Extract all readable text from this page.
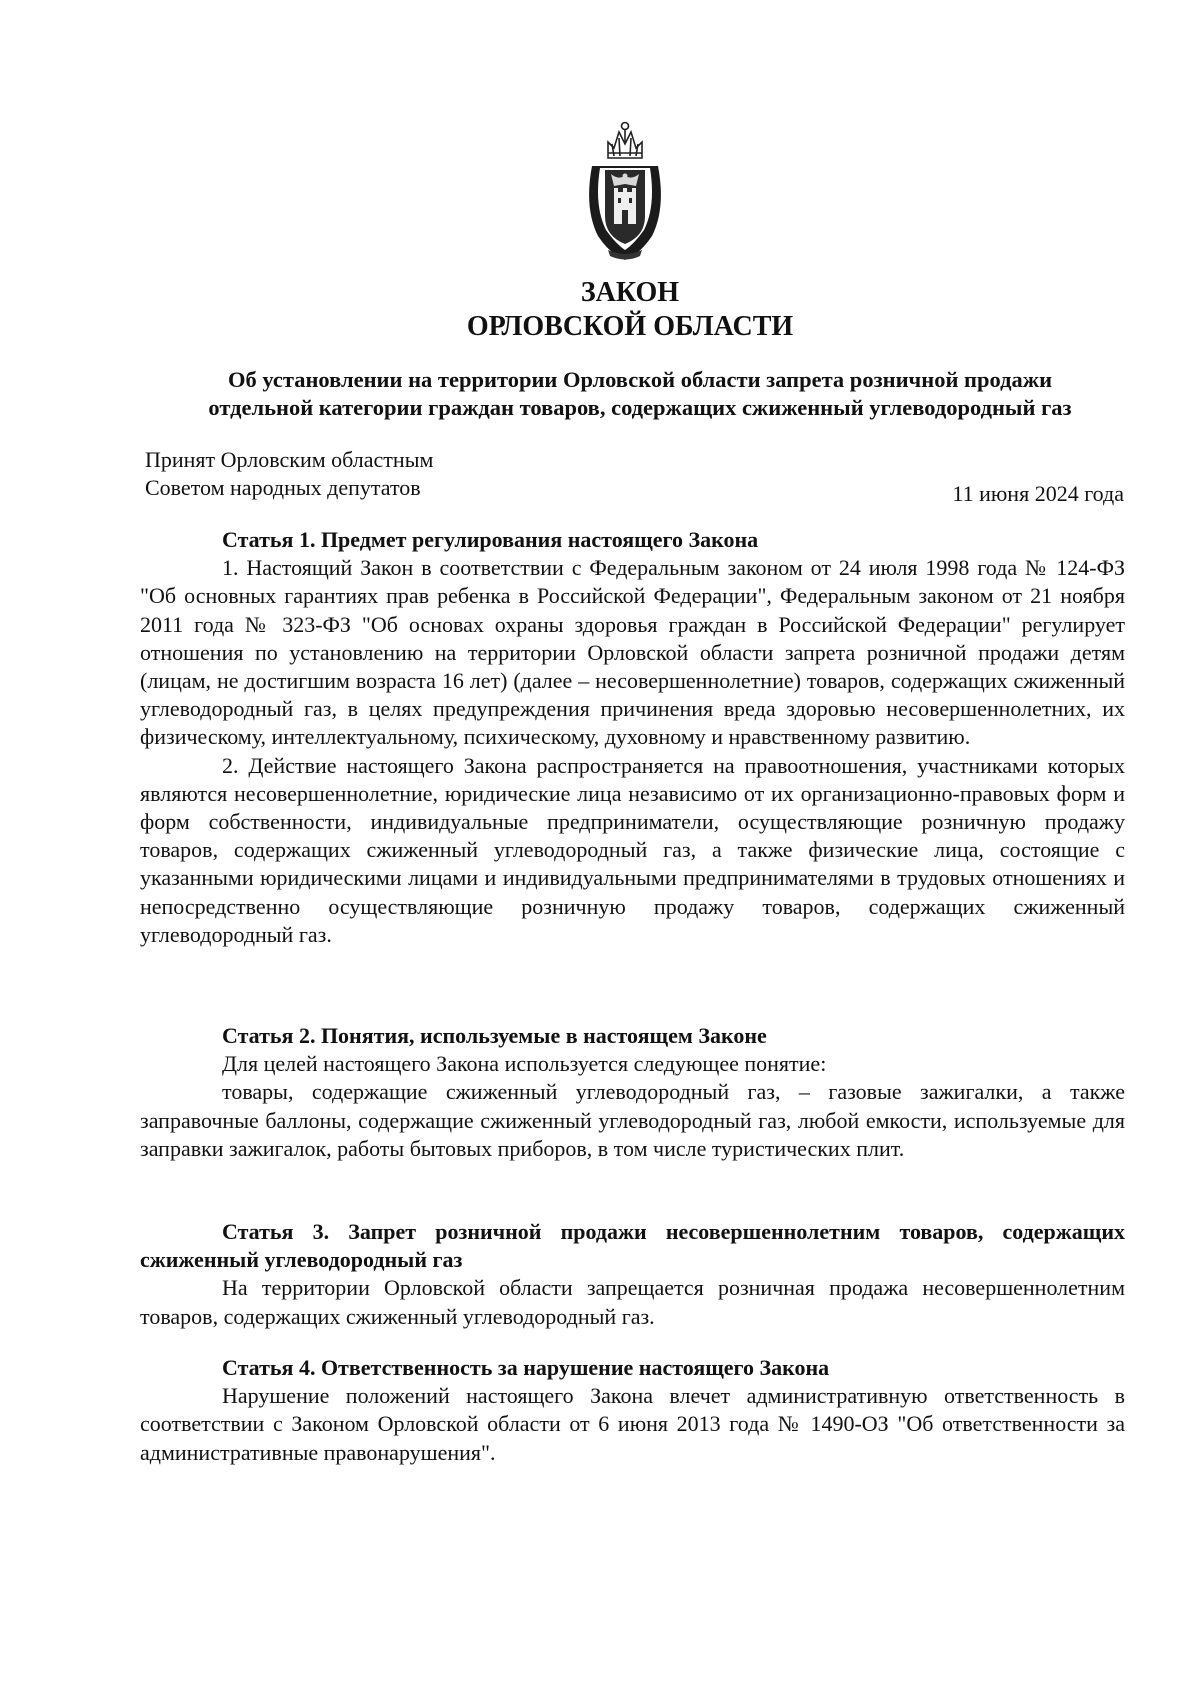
ЗАКОН
ОРЛОВСКОЙ ОБЛАСТИ
Об установлении на территории Орловской области запрета розничной продажи
отдельной категории граждан товаров, содержащих сжиженный углеводородный газ
Принят Орловским областным
Советом народных депутатов	11 июня 2024 года

Статья 1. Предмет регулирования настоящего Закона

1. Настоящий Закон в соответствии с Федеральным законом от 24 июля 1998 года № 124-ФЗ "Об основных гарантиях прав ребенка в Российской Федерации", Федеральным законом от 21 ноября 2011 года № 323-ФЗ "Об основах охраны здоровья граждан в Российской Федерации" регулирует отношения по установлению на территории Орловской области запрета розничной продажи детям (лицам, не достигшим возраста 16 лет) (далее – несовершеннолетние) товаров, содержащих сжиженный углеводородный газ, в целях предупреждения причинения вреда здоровью несовершеннолетних, их физическому, интеллектуальному, психическому, духовному и нравственному развитию.

2. Действие настоящего Закона распространяется на правоотношения, участниками которых являются несовершеннолетние, юридические лица независимо от их организационно-правовых форм и форм собственности, индивидуальные предприниматели, осуществляющие розничную продажу товаров, содержащих сжиженный углеводородный газ, а также физические лица, состоящие с указанными юридическими лицами и индивидуальными предпринимателями в трудовых отношениях и непосредственно осуществляющие розничную продажу товаров, содержащих сжиженный углеводородный газ.

Статья 2. Понятия, используемые в настоящем Законе

Для целей настоящего Закона используется следующее понятие:

товары, содержащие сжиженный углеводородный газ, – газовые зажигалки, а также заправочные баллоны, содержащие сжиженный углеводородный газ, любой емкости, используемые для заправки зажигалок, работы бытовых приборов, в том числе туристических плит.

Статья 3. Запрет розничной продажи несовершеннолетним товаров, содержащих сжиженный углеводородный газ

На территории Орловской области запрещается розничная продажа несовершеннолетним товаров, содержащих сжиженный углеводородный газ.

Статья 4. Ответственность за нарушение настоящего Закона

Нарушение положений настоящего Закона влечет административную ответственность в соответствии с Законом Орловской области от 6 июня 2013 года № 1490-ОЗ "Об ответственности за административные правонарушения".
